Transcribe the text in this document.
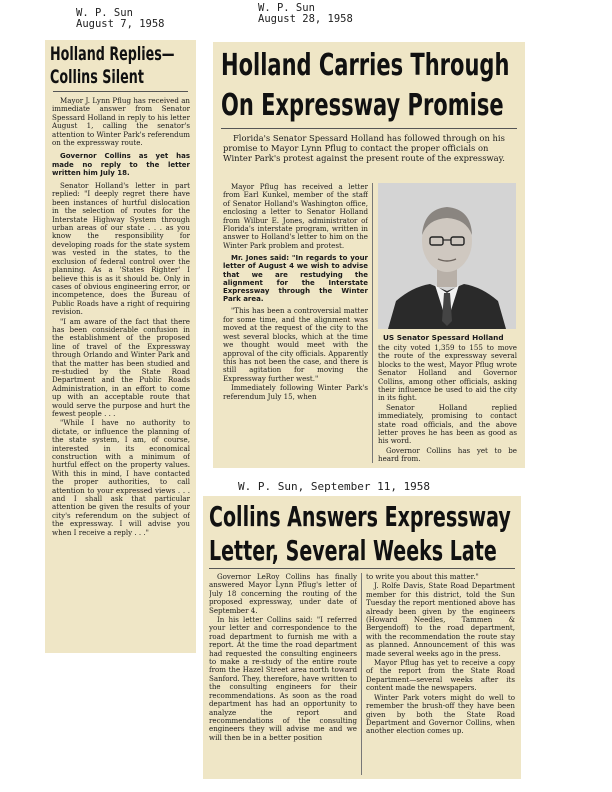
W. P. Sun
August 7, 1958
Holland Replies—
Collins Silent

Mayor J. Lynn Pflug has received an immediate answer from Senator Spessard Holland in reply to his letter August 1, calling the senator's attention to Winter Park's referendum on the expressway route.

Governor Collins as yet has made no reply to the letter written him July 18.

Senator Holland's letter in part replied: "I deeply regret there have been instances of hurtful dislocation in the selection of routes for the Interstate Highway System through urban areas of our state . . . as you know the responsibility for developing roads for the state system was vested in the states, to the exclusion of federal control over the planning. As a 'States Righter' I believe this is as it should be. Only in cases of obvious engineering error, or incompetence, does the Bureau of Public Roads have a right of requiring revision.

"I am aware of the fact that there has been considerable confusion in the establishment of the proposed line of travel of the Expressway through Orlando and Winter Park and that the matter has been studied and re-studied by the State Road Department and the Public Roads Administration, in an effort to come up with an acceptable route that would serve the purpose and hurt the fewest people . . .

"While I have no authority to dictate, or influence the planning of the state system, I am, of course, interested in its economical construction with a minimum of hurtful effect on the property values. With this in mind, I have contacted the proper authorities, to call attention to your expressed views . . . and I shall ask that particular attention be given the results of your city's referendum on the subject of the expressway. I will advise you when I receive a reply . . ."

W. P. Sun
August 28, 1958
Holland Carries Through
On Expressway Promise

Florida's Senator Spessard Holland has followed through on his promise to Mayor Lynn Pflug to contact the proper officials on Winter Park's protest against the present route of the expressway.

Mayor Pflug has received a letter from Earl Kunkel, member of the staff of Senator Holland's Washington office, enclosing a letter to Senator Holland from Wilbur E. Jones, administrator of Florida's interstate program, written in answer to Holland's letter to him on the Winter Park problem and protest.

Mr. Jones said: "In regards to your letter of August 4 we wish to advise that we are restudying the alignment for the Interstate Expressway through the Winter Park area.

"This has been a controversial matter for some time, and the alignment was moved at the request of the city to the west several blocks, which at the time we thought would meet with the approval of the city officials. Apparently this has not been the case, and there is still agitation for moving the Expressway further west."

Immediately following Winter Park's referendum July 15, when

US Senator Spessard Holland

the city voted 1,359 to 155 to move the route of the expressway several blocks to the west, Mayor Pflug wrote Senator Holland and Governor Collins, among other officials, asking their influence be used to aid the city in its fight.

Senator Holland replied immediately, promising to contact state road officials, and the above letter proves he has been as good as his word.

Governor Collins has yet to be heard from.

W. P. Sun, September 11, 1958
Collins Answers Expressway
Letter, Several Weeks Late

Governor LeRoy Collins has finally answered Mayor Lynn Pflug's letter of July 18 concerning the routing of the proposed expressway, under date of September 4.

In his letter Collins said: "I referred your letter and correspondence to the road department to furnish me with a report. At the time the road department had requested the consulting engineers to make a re-study of the entire route from the Hazel Street area north toward Sanford. They, therefore, have written to the consulting engineers for their recommendations. As soon as the road department has had an opportunity to analyze the report and recommendations of the consulting engineers they will advise me and we will then be in a better position

to write you about this matter."

J. Rolfe Davis, State Road Department member for this district, told the Sun Tuesday the report mentioned above has already been given by the engineers (Howard Needles, Tammen & Bergendoff) to the road department, with the recommendation the route stay as planned. Announcement of this was made several weeks ago in the press.

Mayor Pflug has yet to receive a copy of the report from the State Road Department—several weeks after its content made the newspapers.

Winter Park voters might do well to remember the brush-off they have been given by both the State Road Department and Governor Collins, when another election comes up.
